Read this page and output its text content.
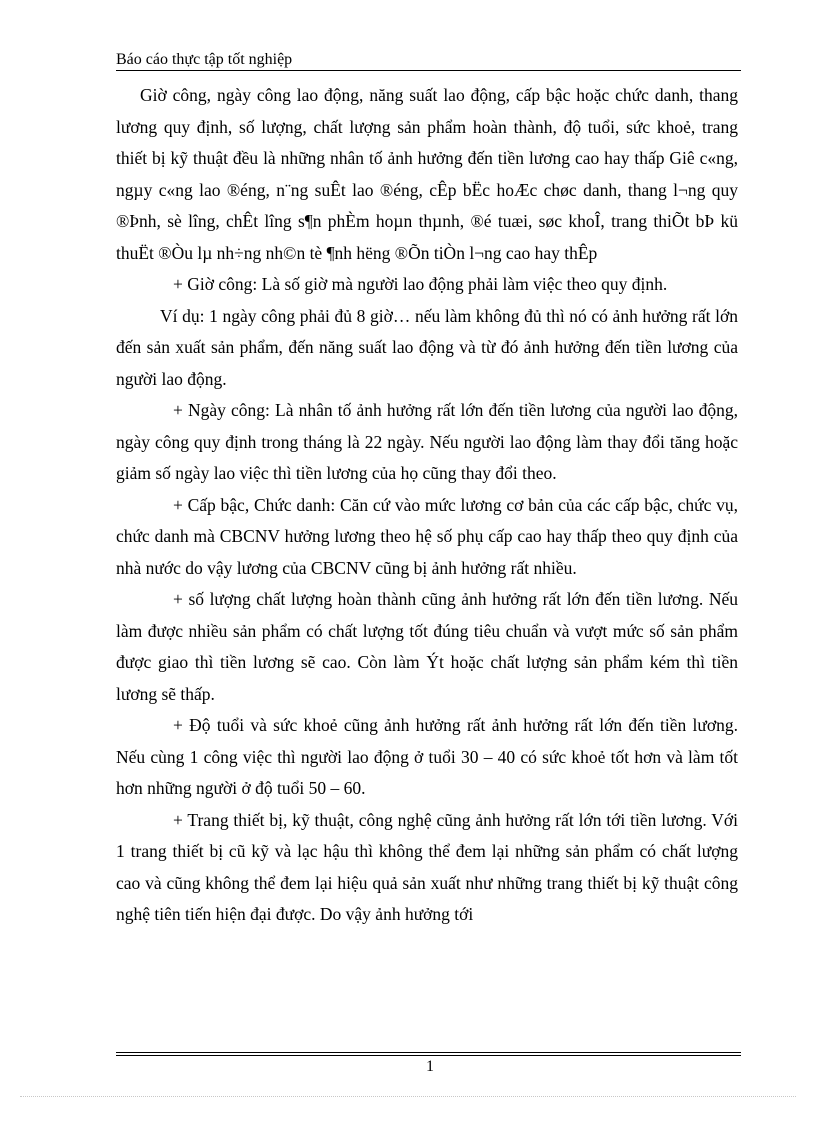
Báo cáo thực tập tốt nghiệp

Giờ công, ngày công lao động, năng suất lao động, cấp bậc hoặc chức danh, thang lương quy định, số lượng, chất lượng sản phẩm hoàn thành, độ tuổi, sức khoẻ, trang thiết bị kỹ thuật đều là những nhân tố ảnh hưởng đến tiền lương cao hay thấp Giê c«ng, ngµy c«ng lao ®éng, n¨ng suÊt lao ®éng, cÊp bËc hoÆc chøc danh, thang l¬ng quy ®Þnh, sè lîng, chÊt lîng s¶n phÈm hoµn thµnh, ®é tuæi, søc khoÎ, trang thiÕt bÞ kü thuËt ®Òu lµ nh÷ng nh©n tè ¶nh hëng ®Õn tiÒn l¬ng cao hay thÊp

+ Giờ công: Là số giờ mà người lao động phải làm việc theo quy định.

Ví dụ: 1 ngày công phải đủ 8 giờ… nếu làm không đủ thì nó có ảnh hưởng rất lớn đến sản xuất sản phẩm, đến năng suất lao động và từ đó ảnh hưởng đến tiền lương của người lao động.

+ Ngày công: Là nhân tố ảnh hưởng rất lớn đến tiền lương của người lao động, ngày công quy định trong tháng là 22 ngày. Nếu người lao động làm thay đổi tăng hoặc giảm số ngày lao việc thì tiền lương của họ cũng thay đổi theo.

+ Cấp bậc, Chức danh: Căn cứ vào mức lương cơ bản của các cấp bậc, chức vụ, chức danh mà CBCNV hưởng lương theo hệ số phụ cấp cao hay thấp theo quy định của nhà nước do vậy lương của CBCNV cũng bị ảnh hưởng rất nhiều.

+ số lượng chất lượng hoàn thành cũng ảnh hưởng rất lớn đến tiền lương. Nếu làm được nhiều sản phẩm có chất lượng tốt đúng tiêu chuẩn và vượt mức số sản phẩm được giao thì tiền lương sẽ cao. Còn làm Ýt hoặc chất lượng sản phẩm kém thì tiền lương sẽ thấp.

+ Độ tuổi và sức khoẻ cũng ảnh hưởng rất ảnh hưởng rất lớn đến tiền lương. Nếu cùng 1 công việc thì người lao động ở tuổi 30 – 40 có sức khoẻ tốt hơn và làm tốt hơn những người ở độ tuổi 50 – 60.

+ Trang thiết bị, kỹ thuật, công nghệ cũng ảnh hưởng rất lớn tới tiền lương. Với 1 trang thiết bị cũ kỹ và lạc hậu thì không thể đem lại những sản phẩm có chất lượng cao và cũng không thể đem lại hiệu quả sản xuất như những trang thiết bị kỹ thuật công nghệ tiên tiến hiện đại được. Do vậy ảnh hưởng tới

1
